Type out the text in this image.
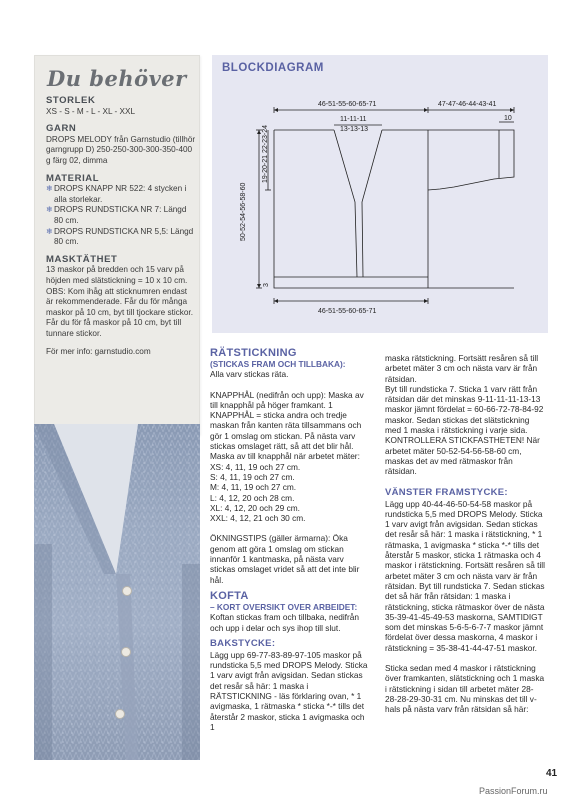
Du behöver
STORLEK
XS - S - M - L - XL - XXL
GARN
DROPS MELODY från Garnstudio (tillhör garngrupp D) 250-250-300-300-350-400 g färg 02, dimma
MATERIAL
❄ DROPS KNAPP NR 522: 4 stycken i alla storlekar.
❄ DROPS RUNDSTICKA NR 7: Längd 80 cm.
❄ DROPS RUNDSTICKA NR 5,5: Längd 80 cm.
MASKTÄTHET
13 maskor på bredden och 15 varv på höjden med slätstickning = 10 x 10 cm.
OBS: Kom ihåg att sticknumren endast är rekommenderade. Får du för många maskor på 10 cm, byt till tjockare stickor. Får du för få maskor på 10 cm, byt till tunnare stickor.
För mer info: garnstudio.com
BLOCKDIAGRAM
46-51-55-60-65-71	47-47-46-44-43-41
11-11-11
13-13-13
10
46-51-55-60-65-71
50-52-54-56-58-60
19-20-21 22-23-24
3
RÄTSTICKNING
(STICKAS FRAM OCH TILLBAKA):
Alla varv stickas räta.
KNAPPHÅL (nedifrån och upp): Maska av till knapphål på höger framkant. 1 KNAPPHÅL = sticka andra och tredje maskan från kanten räta tillsammans och gör 1 omslag om stickan. På nästa varv stickas omslaget rätt, så att det blir hål. Maska av till knapphål när arbetet mäter:
XS: 4, 11, 19 och 27 cm.
S: 4, 11, 19 och 27 cm.
M: 4, 11, 19 och 27 cm.
L: 4, 12, 20 och 28 cm.
XL: 4, 12, 20 och 29 cm.
XXL: 4, 12, 21 och 30 cm.
ÖKNINGSTIPS (gäller ärmarna): Öka genom att göra 1 omslag om stickan innanför 1 kantmaska, på nästa varv stickas omslaget vridet så att det inte blir hål.
KOFTA
– KORT OVERSIKT OVER ARBEIDET:
Koftan stickas fram och tillbaka, nedifrån och upp i delar och sys ihop till slut.
BAKSTYCKE:
Lägg upp 69-77-83-89-97-105 maskor på rundsticka 5,5 med DROPS Melody. Sticka 1 varv avigt från avigsidan. Sedan stickas det resår så här: 1 maska i RÄTSTICKNING - läs förklaring ovan, * 1 avigmaska, 1 rätmaska * sticka *-* tills det återstår 2 maskor, sticka 1 avigmaska och 1
maska rätstickning. Fortsätt resåren så till arbetet mäter 3 cm och nästa varv är från rätsidan.
Byt till rundsticka 7. Sticka 1 varv rätt från rätsidan där det minskas 9-11-11-11-13-13 maskor jämnt fördelat = 60-66-72-78-84-92 maskor. Sedan stickas det slätstickning med 1 maska i rätstickning i varje sida. KONTROLLERA STICKFASTHETEN! När arbetet mäter 50-52-54-56-58-60 cm, maskas det av med rätmaskor från rätsidan.
VÄNSTER FRAMSTYCKE:
Lägg upp 40-44-46-50-54-58 maskor på rundsticka 5,5 med DROPS Melody. Sticka 1 varv avigt från avigsidan. Sedan stickas det resår så här: 1 maska i rätstickning, * 1 rätmaska, 1 avigmaska * sticka *-* tills det återstår 5 maskor, sticka 1 rätmaska och 4 maskor i rätstickning. Fortsätt resåren så till arbetet mäter 3 cm och nästa varv är från rätsidan. Byt till rundsticka 7. Sedan stickas det så här från rätsidan: 1 maska i rätstickning, sticka rätmaskor över de nästa 35-39-41-45-49-53 maskorna, SAMTIDIGT som det minskas 5-6-5-6-7-7 maskor jämnt fördelat över dessa maskorna, 4 maskor i rätstickning = 35-38-41-44-47-51 maskor.
Sticka sedan med 4 maskor i rätstickning över framkanten, slätstickning och 1 maska i rätstickning i sidan till arbetet mäter 28-28-28-29-30-31 cm. Nu minskas det till v-hals på nästa varv från rätsidan så här:
41
PassionForum.ru
